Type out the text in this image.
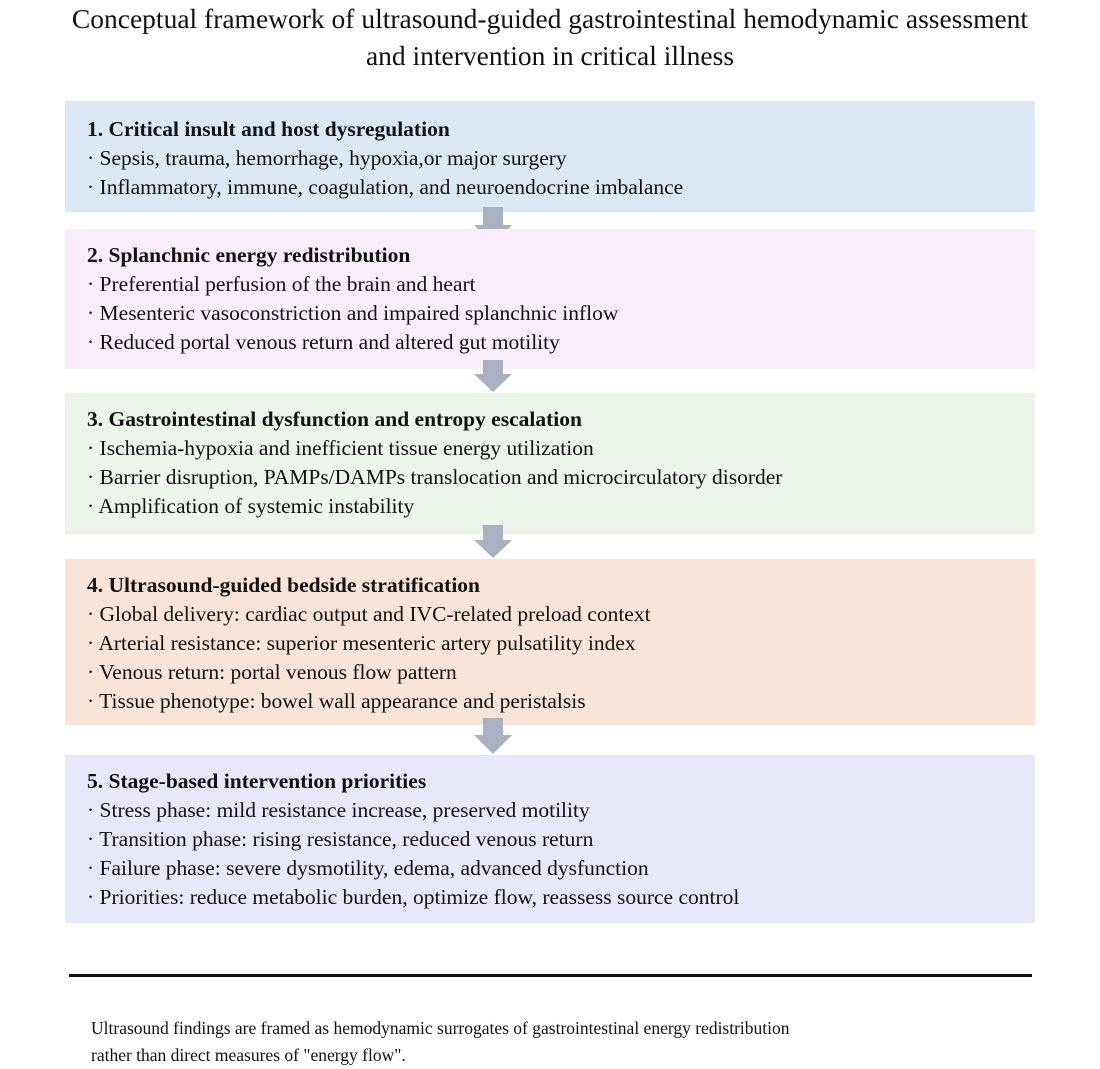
Conceptual framework of ultrasound-guided gastrointestinal hemodynamic assessment
and intervention in critical illness
1. Critical insult and host dysregulation
· Sepsis, trauma, hemorrhage, hypoxia,or major surgery
· Inflammatory, immune, coagulation, and neuroendocrine imbalance
2. Splanchnic energy redistribution
· Preferential perfusion of the brain and heart
· Mesenteric vasoconstriction and impaired splanchnic inflow
· Reduced portal venous return and altered gut motility
3. Gastrointestinal dysfunction and entropy escalation
· Ischemia-hypoxia and inefficient tissue energy utilization
· Barrier disruption, PAMPs/DAMPs translocation and microcirculatory disorder
· Amplification of systemic instability
4. Ultrasound-guided bedside stratification
· Global delivery: cardiac output and IVC-related preload context
· Arterial resistance: superior mesenteric artery pulsatility index
· Venous return: portal venous flow pattern
· Tissue phenotype: bowel wall appearance and peristalsis
5. Stage-based intervention priorities
· Stress phase: mild resistance increase, preserved motility
· Transition phase: rising resistance, reduced venous return
· Failure phase: severe dysmotility, edema, advanced dysfunction
· Priorities: reduce metabolic burden, optimize flow, reassess source control
Ultrasound findings are framed as hemodynamic surrogates of gastrointestinal energy redistribution
rather than direct measures of "energy flow".
